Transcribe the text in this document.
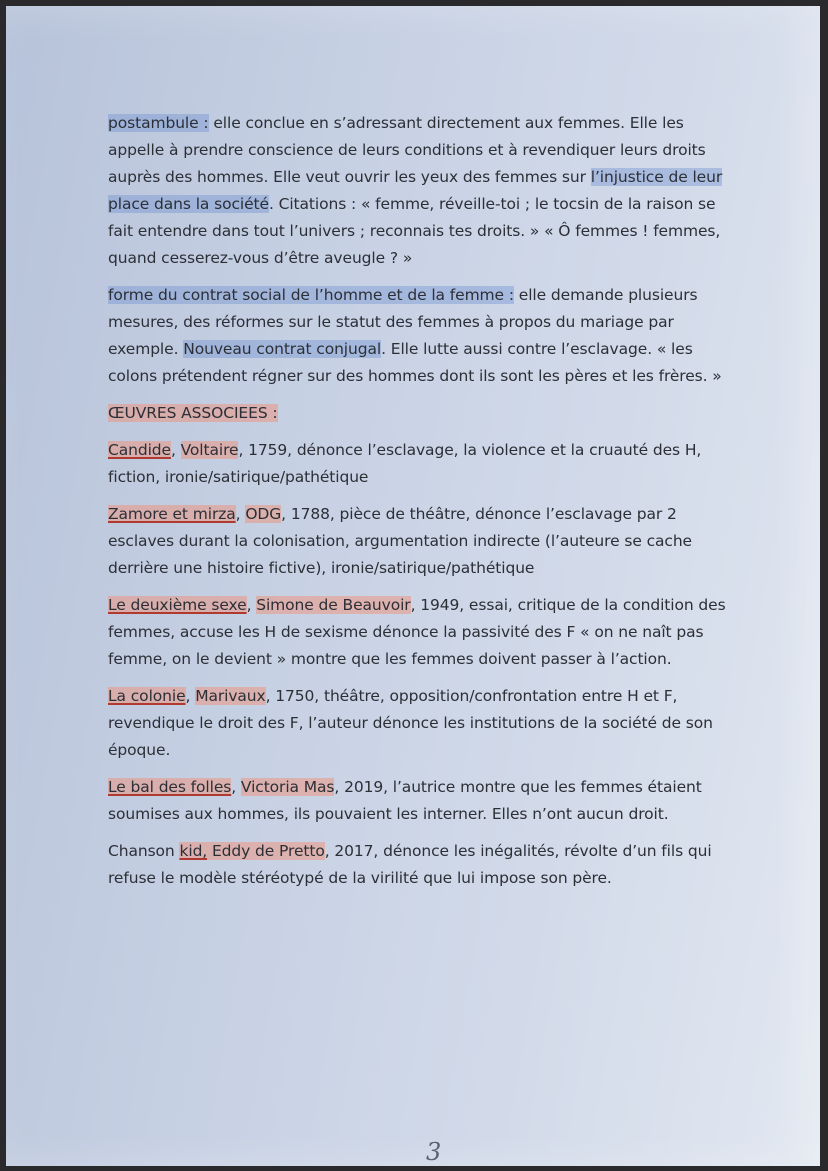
postambule : elle conclue en s’adressant directement aux femmes. Elle les appelle à prendre conscience de leurs conditions et à revendiquer leurs droits auprès des hommes. Elle veut ouvrir les yeux des femmes sur l’injustice de leur place dans la société. Citations : « femme, réveille-toi ; le tocsin de la raison se fait entendre dans tout l’univers ; reconnais tes droits. » « Ô femmes ! femmes, quand cesserez-vous d’être aveugle ? »

forme du contrat social de l’homme et de la femme : elle demande plusieurs mesures, des réformes sur le statut des femmes à propos du mariage par exemple. Nouveau contrat conjugal. Elle lutte aussi contre l’esclavage. « les colons prétendent régner sur des hommes dont ils sont les pères et les frères. »

ŒUVRES ASSOCIEES :

Candide, Voltaire, 1759, dénonce l’esclavage, la violence et la cruauté des H, fiction, ironie/satirique/pathétique

Zamore et mirza, ODG, 1788, pièce de théâtre, dénonce l’esclavage par 2 esclaves durant la colonisation, argumentation indirecte (l’auteure se cache derrière une histoire fictive), ironie/satirique/pathétique

Le deuxième sexe, Simone de Beauvoir, 1949, essai, critique de la condition des femmes, accuse les H de sexisme dénonce la passivité des F « on ne naît pas femme, on le devient » montre que les femmes doivent passer à l’action.

La colonie, Marivaux, 1750, théâtre, opposition/confrontation entre H et F, revendique le droit des F, l’auteur dénonce les institutions de la société de son époque.

Le bal des folles, Victoria Mas, 2019, l’autrice montre que les femmes étaient soumises aux hommes, ils pouvaient les interner. Elles n’ont aucun droit.

Chanson kid, Eddy de Pretto, 2017, dénonce les inégalités, révolte d’un fils qui refuse le modèle stéréotypé de la virilité que lui impose son père.

3
